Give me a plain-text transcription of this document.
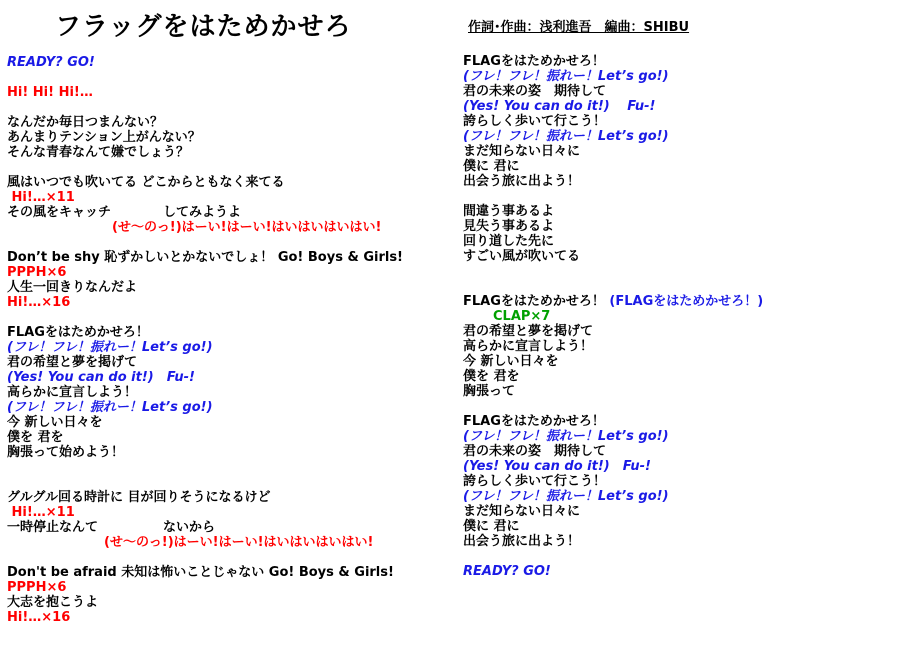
フラッグをはためかせろ	作詞･作曲：浅利進吾　編曲：SHIBU
READY? GO!
Hi! Hi! Hi!…
なんだか毎日つまんない？
あんまりテンション上がんない？
そんな青春なんて嫌でしょう？
風はいつでも吹いてる どこからともなく来てる
Hi!…×11
その風をキャッチ　　　　してみようよ
(せ～のっ!)はーい!はーい!はいはいはいはい!
Don’t be shy 恥ずかしいとかないでしょ！ Go! Boys & Girls!
PPPH×6
人生一回きりなんだよ
Hi!…×16
FLAGをはためかせろ！
(フレ！フレ！振れー！Let’s go!)
君の希望と夢を掲げて
(Yes! You can do it!)　Fu-!
高らかに宣言しよう！
(フレ！フレ！振れー！Let’s go!)
今 新しい日々を
僕を 君を
胸張って始めよう！
グルグル回る時計に 目が回りそうになるけど
Hi!…×11
一時停止なんて　　　　　ないから
(せ～のっ!)はーい!はーい!はいはいはいはい!
Don't be afraid 未知は怖いことじゃない Go! Boys & Girls!
PPPH×6
大志を抱こうよ
Hi!…×16
FLAGをはためかせろ！
(フレ！フレ！振れー！Let’s go!)
君の未来の姿　期待して
(Yes! You can do it!)　 Fu-!
誇らしく歩いて行こう！
(フレ！フレ！振れー！Let’s go!)
まだ知らない日々に
僕に 君に
出会う旅に出よう！
間違う事あるよ
見失う事あるよ
回り道した先に
すごい風が吹いてる
FLAGをはためかせろ！ (FLAGをはためかせろ！)
CLAP×7
君の希望と夢を掲げて
高らかに宣言しよう！
今 新しい日々を
僕を 君を
胸張って
FLAGをはためかせろ！
(フレ！フレ！振れー！Let’s go!)
君の未来の姿　期待して
(Yes! You can do it!)　Fu-!
誇らしく歩いて行こう！
(フレ！フレ！振れー！Let’s go!)
まだ知らない日々に
僕に 君に
出会う旅に出よう！
READY? GO!
